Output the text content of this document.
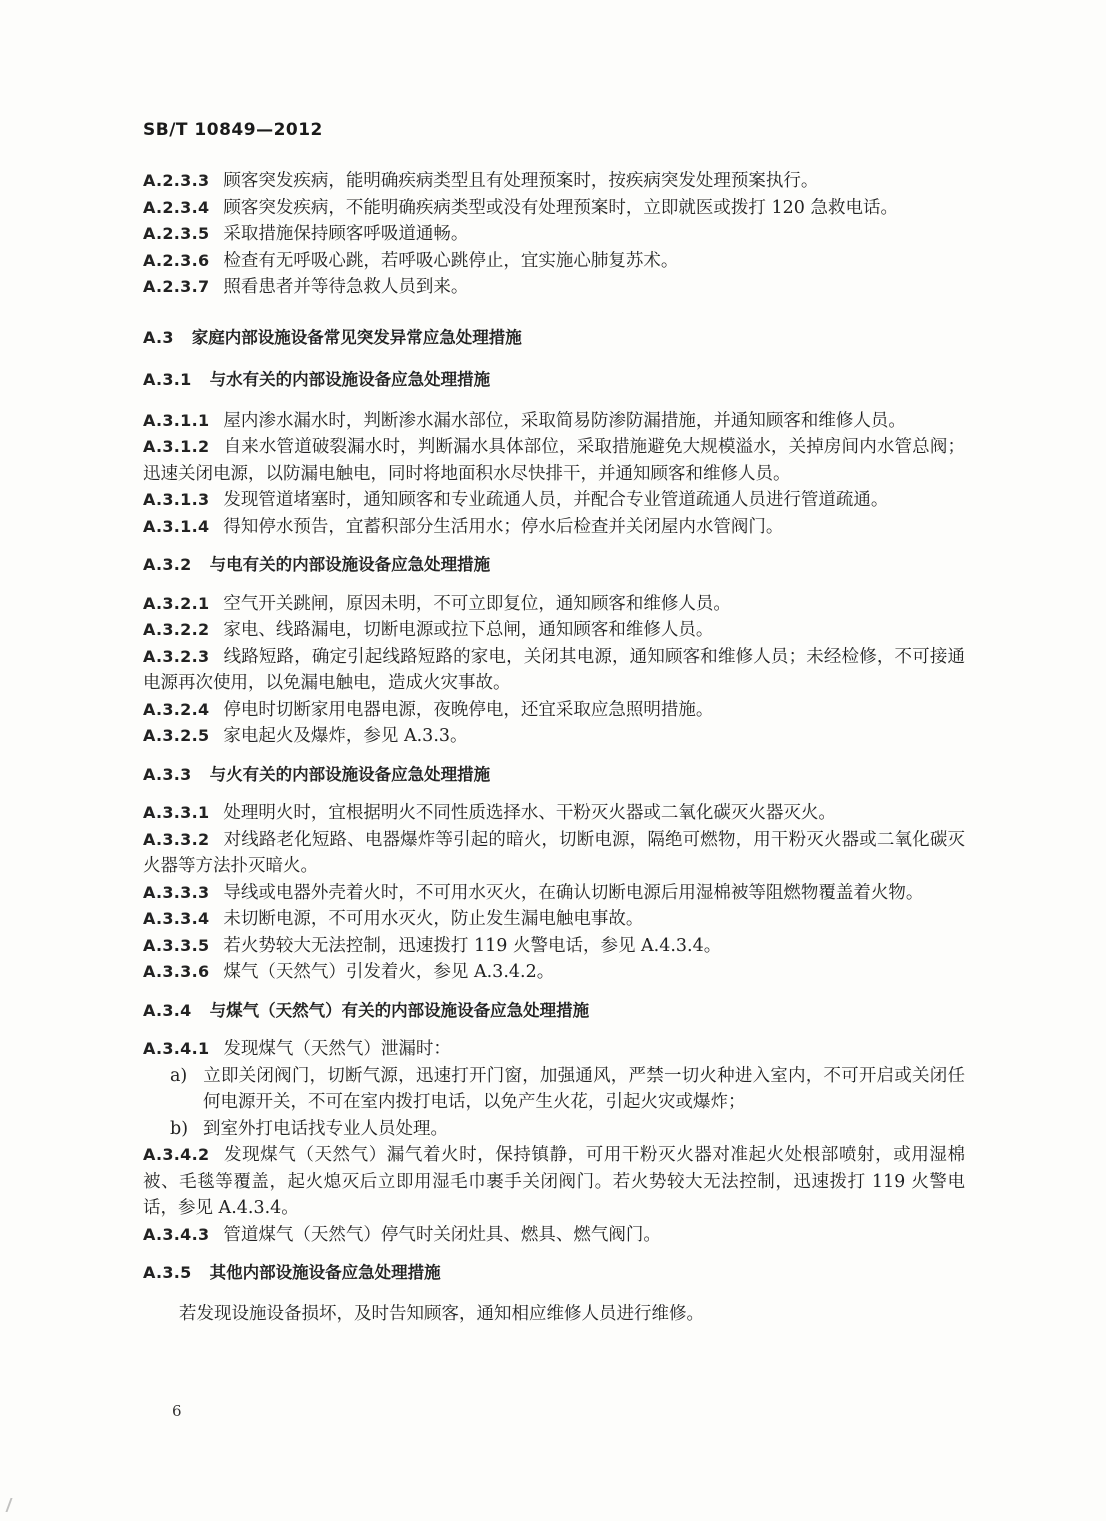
SB/T 10849—2012

A.2.3.3 顾客突发疾病，能明确疾病类型且有处理预案时，按疾病突发处理预案执行。

A.2.3.4 顾客突发疾病，不能明确疾病类型或没有处理预案时，立即就医或拨打 120 急救电话。

A.2.3.5 采取措施保持顾客呼吸道通畅。

A.2.3.6 检查有无呼吸心跳，若呼吸心跳停止，宜实施心肺复苏术。

A.2.3.7 照看患者并等待急救人员到来。

A.3 家庭内部设施设备常见突发异常应急处理措施

A.3.1 与水有关的内部设施设备应急处理措施

A.3.1.1 屋内渗水漏水时，判断渗水漏水部位，采取简易防渗防漏措施，并通知顾客和维修人员。

A.3.1.2 自来水管道破裂漏水时，判断漏水具体部位，采取措施避免大规模溢水，关掉房间内水管总阀；迅速关闭电源，以防漏电触电，同时将地面积水尽快排干，并通知顾客和维修人员。

A.3.1.3 发现管道堵塞时，通知顾客和专业疏通人员，并配合专业管道疏通人员进行管道疏通。

A.3.1.4 得知停水预告，宜蓄积部分生活用水；停水后检查并关闭屋内水管阀门。

A.3.2 与电有关的内部设施设备应急处理措施

A.3.2.1 空气开关跳闸，原因未明，不可立即复位，通知顾客和维修人员。

A.3.2.2 家电、线路漏电，切断电源或拉下总闸，通知顾客和维修人员。

A.3.2.3 线路短路，确定引起线路短路的家电，关闭其电源，通知顾客和维修人员；未经检修，不可接通电源再次使用，以免漏电触电，造成火灾事故。

A.3.2.4 停电时切断家用电器电源，夜晚停电，还宜采取应急照明措施。

A.3.2.5 家电起火及爆炸，参见 A.3.3。

A.3.3 与火有关的内部设施设备应急处理措施

A.3.3.1 处理明火时，宜根据明火不同性质选择水、干粉灭火器或二氧化碳灭火器灭火。

A.3.3.2 对线路老化短路、电器爆炸等引起的暗火，切断电源，隔绝可燃物，用干粉灭火器或二氧化碳灭火器等方法扑灭暗火。

A.3.3.3 导线或电器外壳着火时，不可用水灭火，在确认切断电源后用湿棉被等阻燃物覆盖着火物。

A.3.3.4 未切断电源，不可用水灭火，防止发生漏电触电事故。

A.3.3.5 若火势较大无法控制，迅速拨打 119 火警电话，参见 A.4.3.4。

A.3.3.6 煤气（天然气）引发着火，参见 A.3.4.2。

A.3.4 与煤气（天然气）有关的内部设施设备应急处理措施

A.3.4.1 发现煤气（天然气）泄漏时：

a) 立即关闭阀门，切断气源，迅速打开门窗，加强通风，严禁一切火种进入室内，不可开启或关闭任何电源开关，不可在室内拨打电话，以免产生火花，引起火灾或爆炸；

b) 到室外打电话找专业人员处理。

A.3.4.2 发现煤气（天然气）漏气着火时，保持镇静，可用干粉灭火器对准起火处根部喷射，或用湿棉被、毛毯等覆盖，起火熄灭后立即用湿毛巾裹手关闭阀门。若火势较大无法控制，迅速拨打 119 火警电话，参见 A.4.3.4。

A.3.4.3 管道煤气（天然气）停气时关闭灶具、燃具、燃气阀门。

A.3.5 其他内部设施设备应急处理措施

若发现设施设备损坏，及时告知顾客，通知相应维修人员进行维修。

6
